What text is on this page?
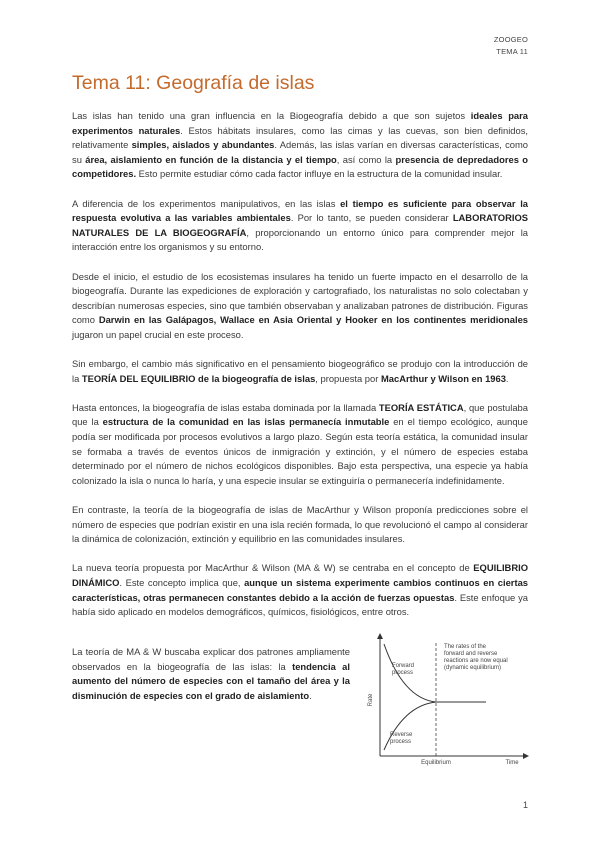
ZOOGEO
TEMA 11
Tema 11: Geografía de islas

Las islas han tenido una gran influencia en la Biogeografía debido a que son sujetos ideales para experimentos naturales. Estos hábitats insulares, como las cimas y las cuevas, son bien definidos, relativamente simples, aislados y abundantes. Además, las islas varían en diversas características, como su área, aislamiento en función de la distancia y el tiempo, así como la presencia de depredadores o competidores. Esto permite estudiar cómo cada factor influye en la estructura de la comunidad insular.

A diferencia de los experimentos manipulativos, en las islas el tiempo es suficiente para observar la respuesta evolutiva a las variables ambientales. Por lo tanto, se pueden considerar LABORATORIOS NATURALES DE LA BIOGEOGRAFÍA, proporcionando un entorno único para comprender mejor la interacción entre los organismos y su entorno.

Desde el inicio, el estudio de los ecosistemas insulares ha tenido un fuerte impacto en el desarrollo de la biogeografía. Durante las expediciones de exploración y cartografiado, los naturalistas no solo colectaban y describían numerosas especies, sino que también observaban y analizaban patrones de distribución. Figuras como Darwin en las Galápagos, Wallace en Asia Oriental y Hooker en los continentes meridionales jugaron un papel crucial en este proceso.

Sin embargo, el cambio más significativo en el pensamiento biogeográfico se produjo con la introducción de la TEORÍA DEL EQUILIBRIO de la biogeografía de islas, propuesta por MacArthur y Wilson en 1963.

Hasta entonces, la biogeografía de islas estaba dominada por la llamada TEORÍA ESTÁTICA, que postulaba que la estructura de la comunidad en las islas permanecía inmutable en el tiempo ecológico, aunque podía ser modificada por procesos evolutivos a largo plazo. Según esta teoría estática, la comunidad insular se formaba a través de eventos únicos de inmigración y extinción, y el número de especies estaba determinado por el número de nichos ecológicos disponibles. Bajo esta perspectiva, una especie ya había colonizado la isla o nunca lo haría, y una especie insular se extinguiría o permanecería indefinidamente.

En contraste, la teoría de la biogeografía de islas de MacArthur y Wilson proponía predicciones sobre el número de especies que podrían existir en una isla recién formada, lo que revolucionó el campo al considerar la dinámica de colonización, extinción y equilibrio en las comunidades insulares.

La nueva teoría propuesta por MacArthur & Wilson (MA & W) se centraba en el concepto de EQUILIBRIO DINÁMICO. Este concepto implica que, aunque un sistema experimente cambios continuos en ciertas características, otras permanecen constantes debido a la acción de fuerzas opuestas. Este enfoque ya había sido aplicado en modelos demográficos, químicos, fisiológicos, entre otros.

La teoría de MA & W buscaba explicar dos patrones ampliamente observados en la biogeografía de las islas: la tendencia al aumento del número de especies con el tamaño del área y la disminución de especies con el grado de aislamiento.	Rate
Forward process
Reverse process
The rates of the forward and reverse reactions are now equal (dynamic equilibrium)
Equilibrium	Time
1
